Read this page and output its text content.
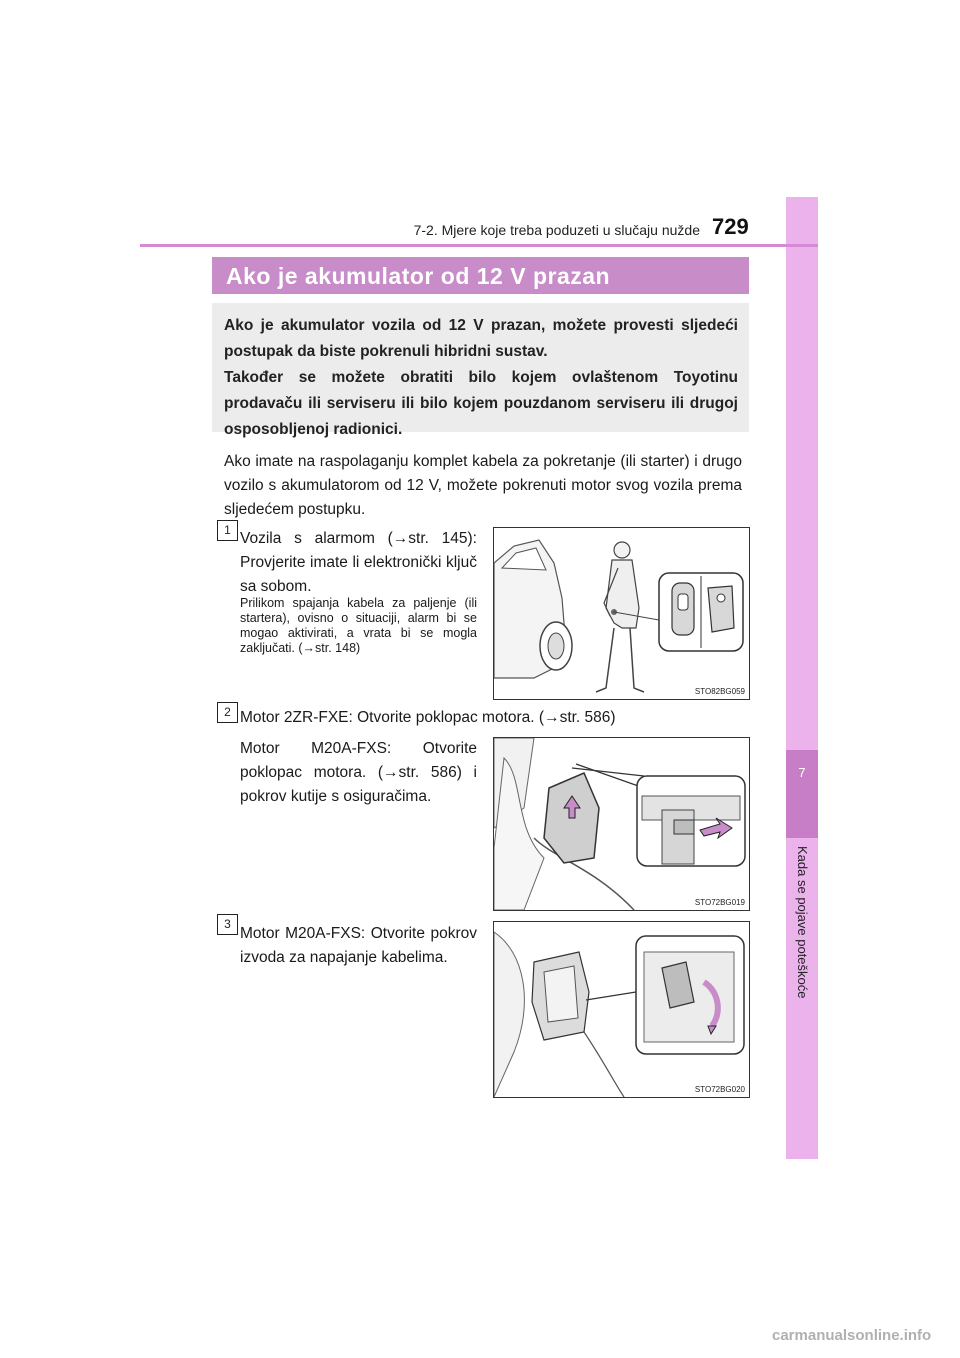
7
7-2. Mjere koje treba poduzeti u slučaju nužde 729
Ako je akumulator od 12 V prazan

Ako je akumulator vozila od 12 V prazan, možete provesti sljedeći postupak da biste pokrenuli hibridni sustav.

Također se možete obratiti bilo kojem ovlaštenom Toyotinu prodavaču ili serviseru ili bilo kojem pouzdanom serviseru ili drugoj osposobljenoj radionici.

Ako imate na raspolaganju komplet kabela za pokretanje (ili starter) i drugo vozilo s akumulatorom od 12 V, možete pokrenuti motor svog vozila prema sljedećem postupku.
1 Vozila s alarmom (→str. 145): Provjerite imate li elektronički ključ sa sobom.
Prilikom spajanja kabela za paljenje (ili startera), ovisno o situaciji, alarm bi se mogao aktivirati, a vrata bi se mogla zaključati. (→str. 148)
STO82BG059
2 Motor 2ZR-FXE: Otvorite poklopac motora. (→str. 586)
Motor M20A-FXS: Otvorite poklopac motora. (→str. 586) i pokrov kutije s osiguračima.
STO72BG019
3
Motor M20A-FXS: Otvorite pokrov izvoda za napajanje kabelima.
STO72BG020
carmanualsonline.info
